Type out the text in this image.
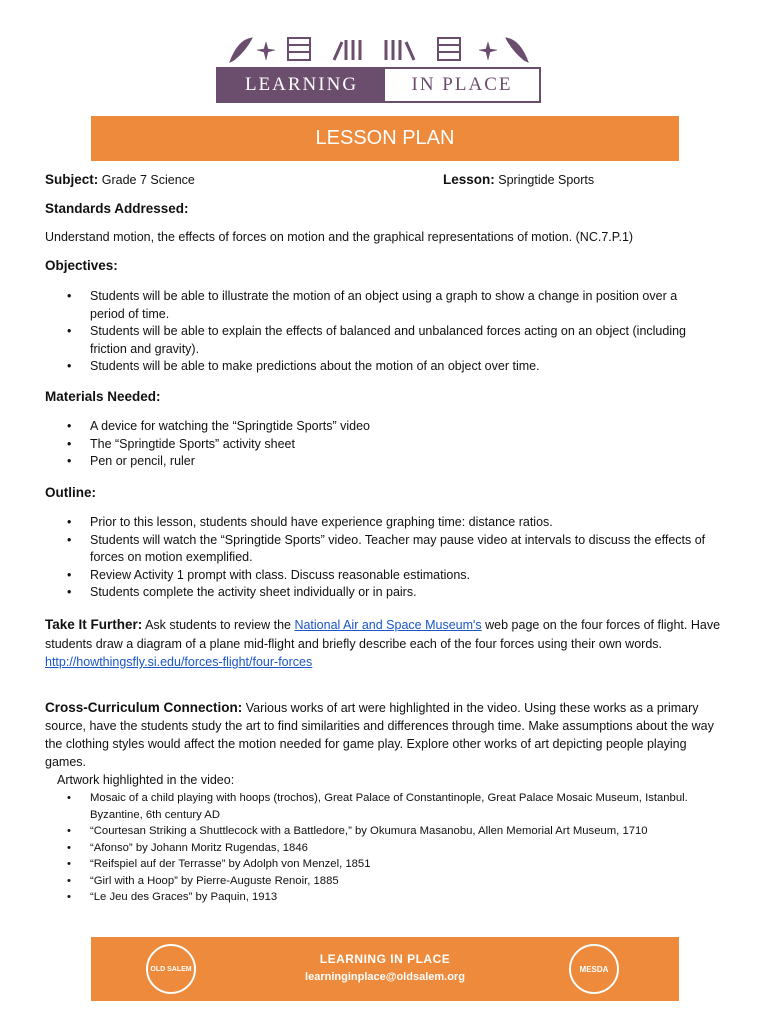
LEARNING	IN PLACE
LESSON PLAN
Subject: Grade 7 Science	Lesson: Springtide Sports
Standards Addressed:
Understand motion, the effects of forces on motion and the graphical representations of motion. (NC.7.P.1)
Objectives:
• Students will be able to illustrate the motion of an object using a graph to show a change in position over a period of time.
• Students will be able to explain the effects of balanced and unbalanced forces acting on an object (including friction and gravity).
• Students will be able to make predictions about the motion of an object over time.
Materials Needed:
• A device for watching the “Springtide Sports” video
• The “Springtide Sports” activity sheet
• Pen or pencil, ruler
Outline:
• Prior to this lesson, students should have experience graphing time: distance ratios.
• Students will watch the “Springtide Sports” video. Teacher may pause video at intervals to discuss the effects of forces on motion exemplified.
• Review Activity 1 prompt with class. Discuss reasonable estimations.
• Students complete the activity sheet individually or in pairs.
Take It Further: Ask students to review the National Air and Space Museum's web page on the four forces of flight. Have students draw a diagram of a plane mid-flight and briefly describe each of the four forces using their own words. http://howthingsfly.si.edu/forces-flight/four-forces
Cross-Curriculum Connection: Various works of art were highlighted in the video. Using these works as a primary source, have the students study the art to find similarities and differences through time. Make assumptions about the way the clothing styles would affect the motion needed for game play. Explore other works of art depicting people playing games.
Artwork highlighted in the video:
• Mosaic of a child playing with hoops (trochos), Great Palace of Constantinople, Great Palace Mosaic Museum, Istanbul. Byzantine, 6th century AD
• “Courtesan Striking a Shuttlecock with a Battledore,” by Okumura Masanobu, Allen Memorial Art Museum, 1710
• “Afonso” by Johann Moritz Rugendas, 1846
• “Reifspiel auf der Terrasse” by Adolph von Menzel, 1851
• “Girl with a Hoop” by Pierre-Auguste Renoir, 1885
• “Le Jeu des Graces” by Paquin, 1913
OLD SALEM
LEARNING IN PLACE
learninginplace@oldsalem.org
MESDA
